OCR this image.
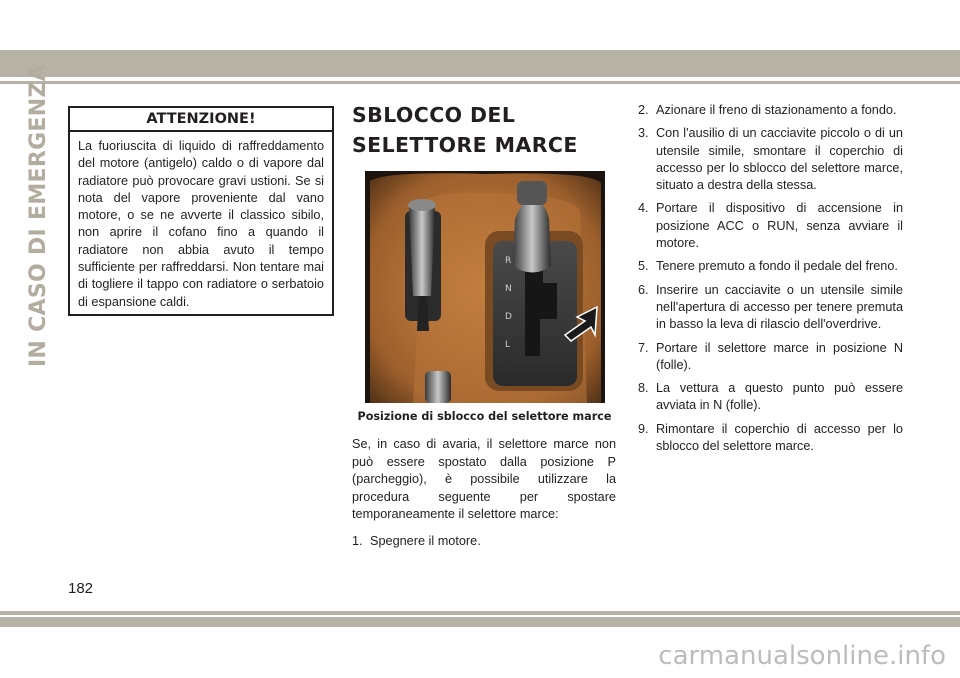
IN CASO DI EMERGENZA	ATTENZIONE!

La fuoriuscita di liquido di raffreddamento del motore (antigelo) caldo o di vapore dal radiatore può provocare gravi ustioni. Se si nota del vapore proveniente dal vano motore, o se ne avverte il classico sibilo, non aprire il cofano fino a quando il radiatore non abbia avuto il tempo sufficiente per raffreddarsi. Non tentare mai di togliere il tappo con radiatore o serbatoio di espansione caldi.

SBLOCCO DEL SELETTORE MARCE
R
N
D
L
Posizione di sblocco del selettore marce

Se, in caso di avaria, il selettore marce non può essere spostato dalla posizione P (parcheggio), è possibile utilizzare la procedura seguente per spostare temporaneamente il selettore marce:

1. Spegnere il motore.
2. Azionare il freno di stazionamento a fondo.
3. Con l'ausilio di un cacciavite piccolo o di un utensile simile, smontare il coperchio di accesso per lo sblocco del selettore marce, situato a destra della stessa.
4. Portare il dispositivo di accensione in posizione ACC o RUN, senza avviare il motore.
5. Tenere premuto a fondo il pedale del freno.
6. Inserire un cacciavite o un utensile simile nell'apertura di accesso per tenere premuta in basso la leva di rilascio dell'overdrive.
7. Portare il selettore marce in posizione N (folle).
8. La vettura a questo punto può essere avviata in N (folle).
9. Rimontare il coperchio di accesso per lo sblocco del selettore marce.
182
carmanualsonline.info
